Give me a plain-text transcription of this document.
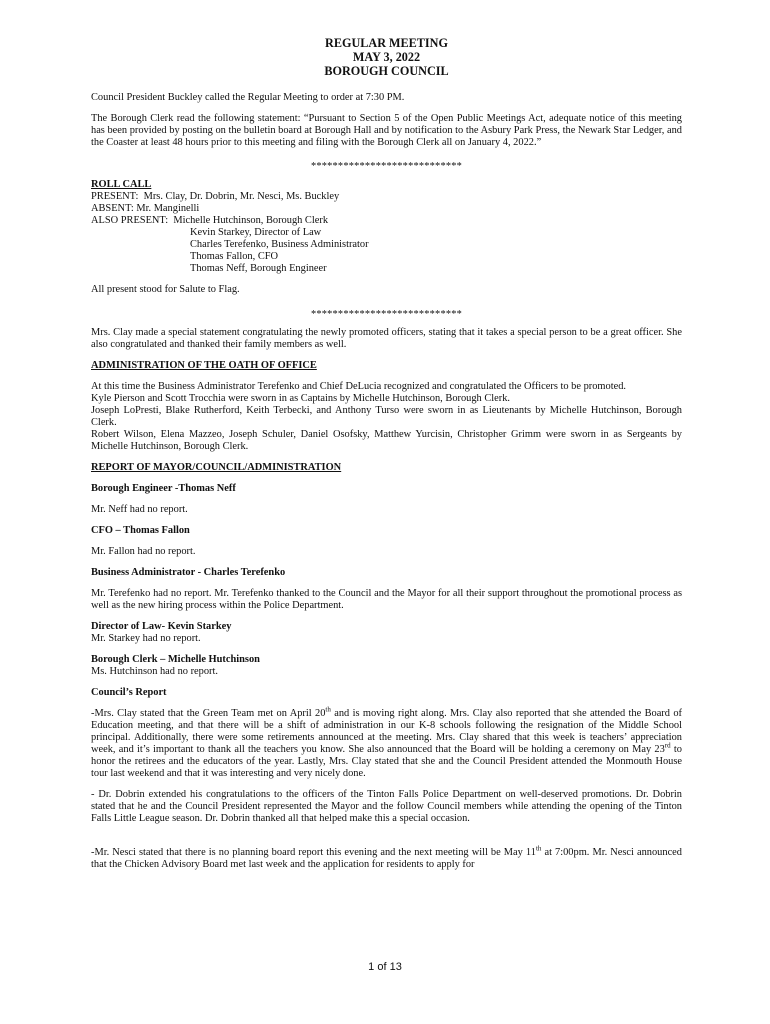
REGULAR MEETING
MAY 3, 2022
BOROUGH COUNCIL

Council President Buckley called the Regular Meeting to order at 7:30 PM.

The Borough Clerk read the following statement: “Pursuant to Section 5 of the Open Public Meetings Act, adequate notice of this meeting has been provided by posting on the bulletin board at Borough Hall and by notification to the Asbury Park Press, the Newark Star Ledger, and the Coaster at least 48 hours prior to this meeting and filing with the Borough Clerk all on January 4, 2022.”

****************************
ROLL CALL
PRESENT:  Mrs. Clay, Dr. Dobrin, Mr. Nesci, Ms. Buckley
ABSENT: Mr. Manginelli
ALSO PRESENT:  Michelle Hutchinson, Borough Clerk
Kevin Starkey, Director of Law
Charles Terefenko, Business Administrator
Thomas Fallon, CFO
Thomas Neff, Borough Engineer

All present stood for Salute to Flag.

****************************

Mrs. Clay made a special statement congratulating the newly promoted officers, stating that it takes a special person to be a great officer. She also congratulated and thanked their family members as well.

ADMINISTRATION OF THE OATH OF OFFICE
At this time the Business Administrator Terefenko and Chief DeLucia recognized and congratulated the Officers to be promoted.
Kyle Pierson and Scott Trocchia were sworn in as Captains by Michelle Hutchinson, Borough Clerk.
Joseph LoPresti, Blake Rutherford, Keith Terbecki, and Anthony Turso were sworn in as Lieutenants by Michelle Hutchinson, Borough Clerk.
Robert Wilson, Elena Mazzeo, Joseph Schuler, Daniel Osofsky, Matthew Yurcisin, Christopher Grimm were sworn in as Sergeants by Michelle Hutchinson, Borough Clerk.
REPORT OF MAYOR/COUNCIL/ADMINISTRATION
Borough Engineer -Thomas Neff

Mr. Neff had no report.

CFO – Thomas Fallon

Mr. Fallon had no report.

Business Administrator - Charles Terefenko

Mr. Terefenko had no report. Mr. Terefenko thanked to the Council and the Mayor for all their support throughout the promotional process as well as the new hiring process within the Police Department.

Director of Law- Kevin Starkey

Mr. Starkey had no report.

Borough Clerk – Michelle Hutchinson

Ms. Hutchinson had no report.

Council’s Report

-Mrs. Clay stated that the Green Team met on April 20th and is moving right along. Mrs. Clay also reported that she attended the Board of Education meeting, and that there will be a shift of administration in our K-8 schools following the resignation of the Middle School principal. Additionally, there were some retirements announced at the meeting. Mrs. Clay shared that this week is teachers’ appreciation week, and it’s important to thank all the teachers you know. She also announced that the Board will be holding a ceremony on May 23rd to honor the retirees and the educators of the year. Lastly, Mrs. Clay stated that she and the Council President attended the Monmouth House tour last weekend and that it was interesting and very nicely done.

- Dr. Dobrin extended his congratulations to the officers of the Tinton Falls Police Department on well-deserved promotions. Dr. Dobrin stated that he and the Council President represented the Mayor and the follow Council members while attending the opening of the Tinton Falls Little League season. Dr. Dobrin thanked all that helped make this a special occasion.

-Mr. Nesci stated that there is no planning board report this evening and the next meeting will be May 11th at 7:00pm. Mr. Nesci announced that the Chicken Advisory Board met last week and the application for residents to apply for

1 of 13
